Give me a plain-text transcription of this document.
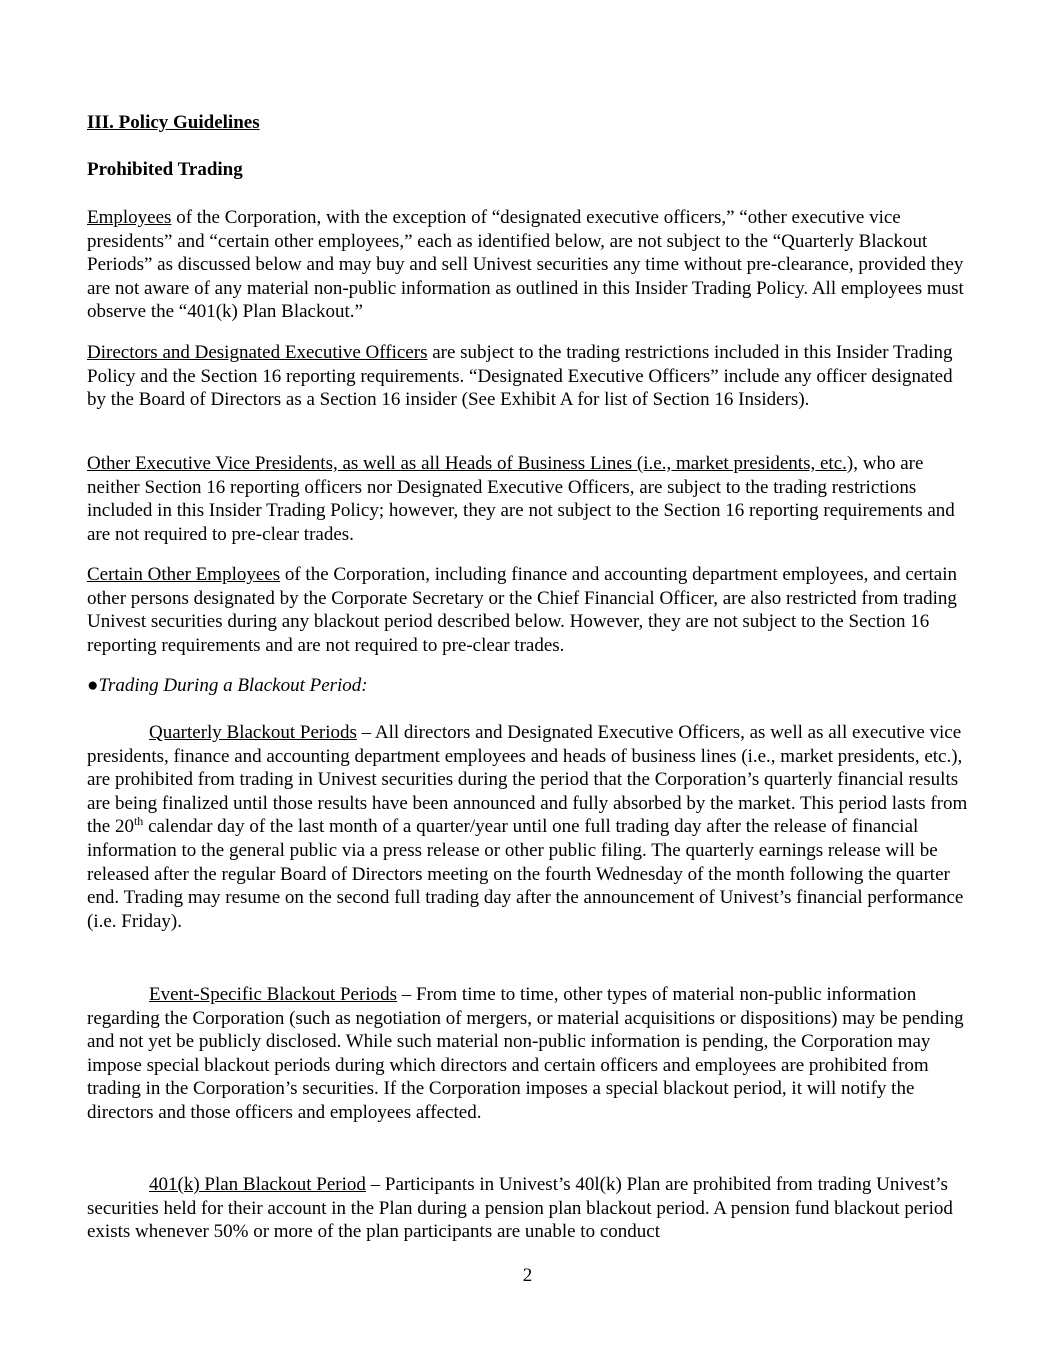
III. Policy Guidelines
Prohibited Trading

Employees of the Corporation, with the exception of “designated executive officers,” “other executive vice presidents” and “certain other employees,” each as identified below, are not subject to the “Quarterly Blackout Periods” as discussed below and may buy and sell Univest securities any time without pre-clearance, provided they are not aware of any material non-public information as outlined in this Insider Trading Policy. All employees must observe the “401(k) Plan Blackout.”

Directors and Designated Executive Officers are subject to the trading restrictions included in this Insider Trading Policy and the Section 16 reporting requirements. “Designated Executive Officers” include any officer designated by the Board of Directors as a Section 16 insider (See Exhibit A for list of Section 16 Insiders).

Other Executive Vice Presidents, as well as all Heads of Business Lines (i.e., market presidents, etc.), who are neither Section 16 reporting officers nor Designated Executive Officers, are subject to the trading restrictions included in this Insider Trading Policy; however, they are not subject to the Section 16 reporting requirements and are not required to pre-clear trades.

Certain Other Employees of the Corporation, including finance and accounting department employees, and certain other persons designated by the Corporate Secretary or the Chief Financial Officer, are also restricted from trading Univest securities during any blackout period described below. However, they are not subject to the Section 16 reporting requirements and are not required to pre-clear trades.

●Trading During a Blackout Period:

Quarterly Blackout Periods – All directors and Designated Executive Officers, as well as all executive vice presidents, finance and accounting department employees and heads of business lines (i.e., market presidents, etc.), are prohibited from trading in Univest securities during the period that the Corporation’s quarterly financial results are being finalized until those results have been announced and fully absorbed by the market. This period lasts from the 20th calendar day of the last month of a quarter/year until one full trading day after the release of financial information to the general public via a press release or other public filing. The quarterly earnings release will be released after the regular Board of Directors meeting on the fourth Wednesday of the month following the quarter end. Trading may resume on the second full trading day after the announcement of Univest’s financial performance (i.e. Friday).

Event-Specific Blackout Periods – From time to time, other types of material non-public information regarding the Corporation (such as negotiation of mergers, or material acquisitions or dispositions) may be pending and not yet be publicly disclosed. While such material non-public information is pending, the Corporation may impose special blackout periods during which directors and certain officers and employees are prohibited from trading in the Corporation’s securities. If the Corporation imposes a special blackout period, it will notify the directors and those officers and employees affected.

401(k) Plan Blackout Period – Participants in Univest’s 40l(k) Plan are prohibited from trading Univest’s securities held for their account in the Plan during a pension plan blackout period. A pension fund blackout period exists whenever 50% or more of the plan participants are unable to conduct

2
